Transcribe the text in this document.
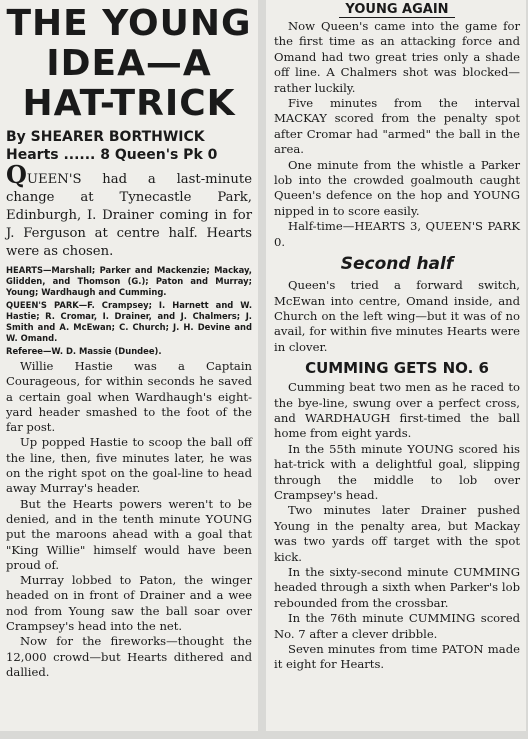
THE YOUNG
IDEA—A
HAT-TRICK

By SHEARER BORTHWICK

Hearts ...... 8 Queen's Pk 0

QUEEN'S had a last-minute change at Tynecastle Park, Edinburgh, I. Drainer coming in for J. Ferguson at centre half. Hearts were as chosen.

HEARTS—Marshall; Parker and Mackenzie; Mackay, Glidden, and Thomson (G.); Paton and Murray; Young; Wardhaugh and Cumming.

QUEEN'S PARK—F. Crampsey; I. Harnett and W. Hastie; R. Cromar, I. Drainer, and J. Chalmers; J. Smith and A. McEwan; C. Church; J. H. Devine and W. Omand.

Referee—W. D. Massie (Dundee).

Willie Hastie was a Captain Courageous, for within seconds he saved a certain goal when Wardhaugh's eight-yard header smashed to the foot of the far post.

Up popped Hastie to scoop the ball off the line, then, five minutes later, he was on the right spot on the goal-line to head away Murray's header.

But the Hearts powers weren't to be denied, and in the tenth minute YOUNG put the maroons ahead with a goal that "King Willie" himself would have been proud of.

Murray lobbed to Paton, the winger headed on in front of Drainer and a wee nod from Young saw the ball soar over Crampsey's head into the net.

Now for the fireworks—thought the 12,000 crowd—but Hearts dithered and dallied.

YOUNG AGAIN

Now Queen's came into the game for the first time as an attacking force and Omand had two great tries only a shade off line. A Chalmers shot was blocked—rather luckily.

Five minutes from the interval MACKAY scored from the penalty spot after Cromar had "armed" the ball in the area.

One minute from the whistle a Parker lob into the crowded goalmouth caught Queen's defence on the hop and YOUNG nipped in to score easily.

Half-time—HEARTS 3, QUEEN'S PARK 0.

Second half

Queen's tried a forward switch, McEwan into centre, Omand inside, and Church on the left wing—but it was of no avail, for within five minutes Hearts were in clover.

CUMMING GETS NO. 6

Cumming beat two men as he raced to the bye-line, swung over a perfect cross, and WARDHAUGH first-timed the ball home from eight yards.

In the 55th minute YOUNG scored his hat-trick with a delightful goal, slipping through the middle to lob over Crampsey's head.

Two minutes later Drainer pushed Young in the penalty area, but Mackay was two yards off target with the spot kick.

In the sixty-second minute CUMMING headed through a sixth when Parker's lob rebounded from the crossbar.

In the 76th minute CUMMING scored No. 7 after a clever dribble.

Seven minutes from time PATON made it eight for Hearts.
